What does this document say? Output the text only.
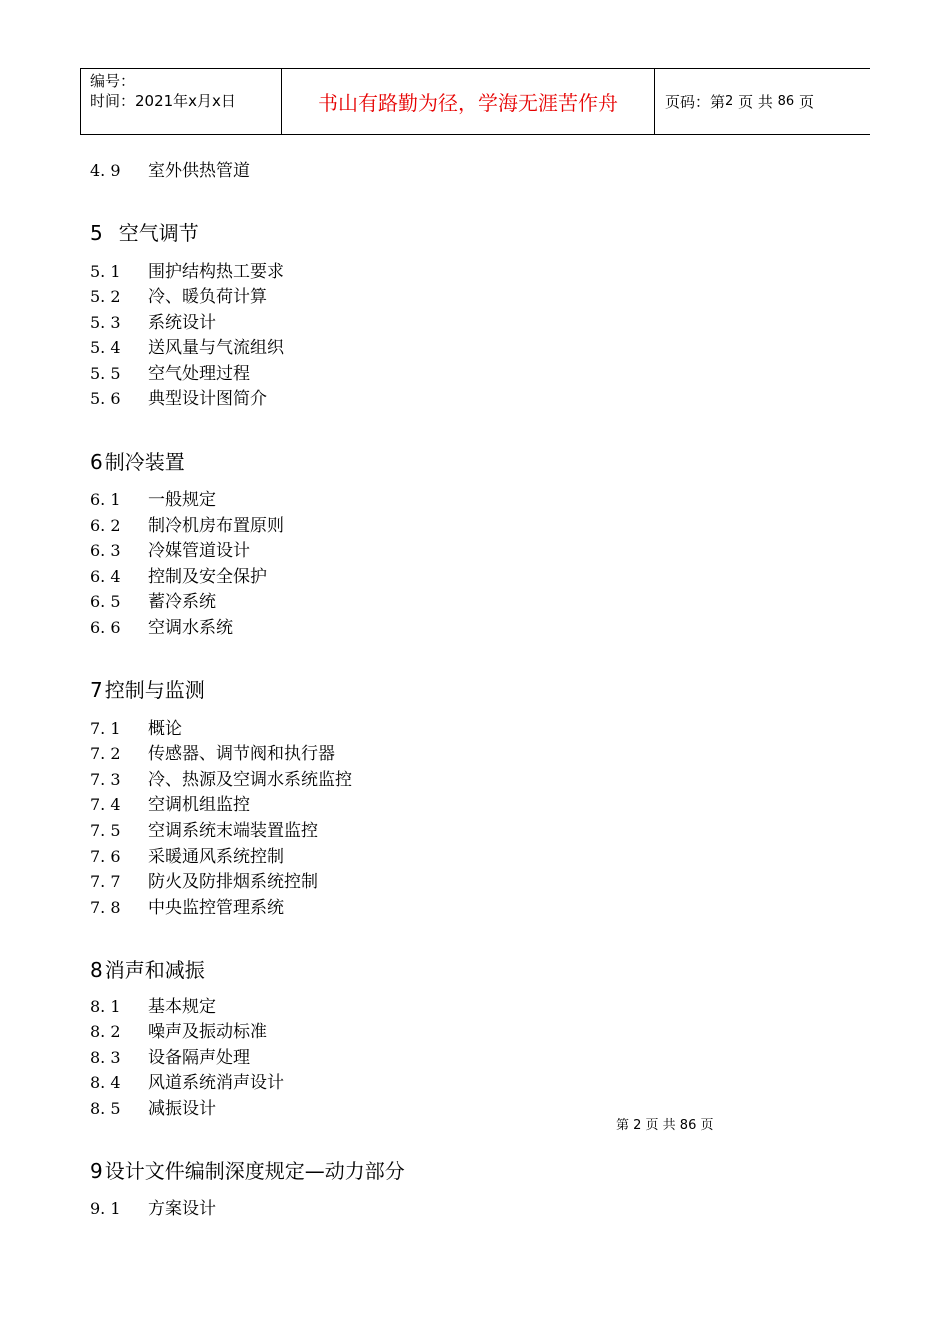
编号：
时间：2021年x月x日	书山有路勤为径，学海无涯苦作舟	页码：第 2
页 共
86
页
4. 9 室外供热管道
5 空气调节
5. 1 围护结构热工要求
5. 2 冷、暖负荷计算
5. 3 系统设计
5. 4 送风量与气流组织
5. 5 空气处理过程
5. 6 典型设计图简介
6 制冷装置
6. 1 一般规定
6. 2 制冷机房布置原则
6. 3 冷媒管道设计
6. 4 控制及安全保护
6. 5 蓄冷系统
6. 6 空调水系统
7 控制与监测
7. 1 概论
7. 2 传感器、调节阀和执行器
7. 3 冷、热源及空调水系统监控
7. 4 空调机组监控
7. 5 空调系统末端装置监控
7. 6 采暖通风系统控制
7. 7 防火及防排烟系统控制
7. 8 中央监控管理系统
8 消声和减振
8. 1 基本规定
8. 2 噪声及振动标准
8. 3 设备隔声处理
8. 4 风道系统消声设计
8. 5 减振设计
9 设计文件编制深度规定—动力部分
9. 1 方案设计
第 2 页 共 86 页
